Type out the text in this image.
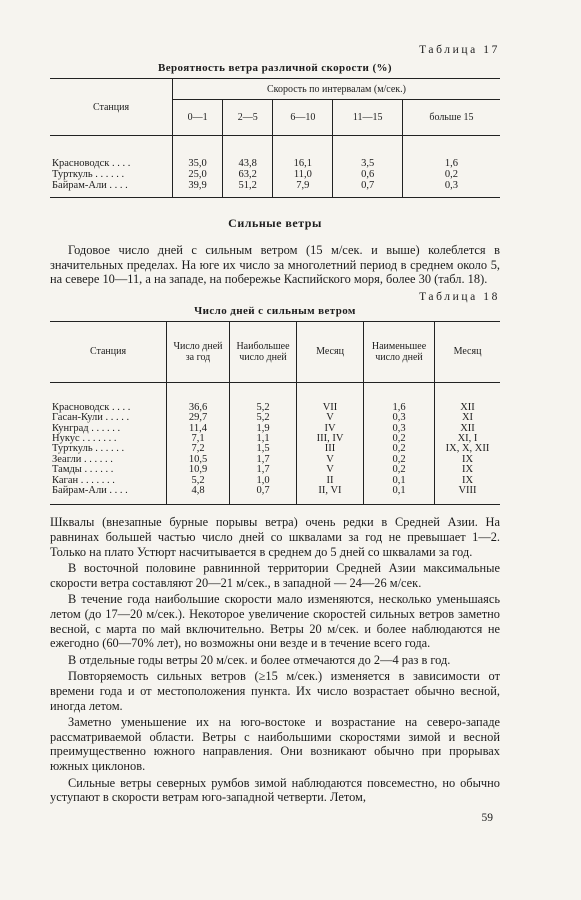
Таблица 17
Вероятность ветра различной скорости (%)
Станция	Скорость по интервалам (м/сек.)				
	0—1	2—5	6—10	11—15	больше 15

Красноводск . . . .	35,0	43,8	16,1	3,5	1,6
Турткуль . . . . . .	25,0	63,2	11,0	0,6	0,2
Байрам-Али . . . .	39,9	51,2	7,9	0,7	0,3
Сильные ветры

Годовое число дней с сильным ветром (15 м/сек. и выше) колеблется в значительных пределах. На юге их число за многолетний период в среднем около 5, на севере 10—11, а на западе, на побережье Каспийского моря, более 30 (табл. 18).

Таблица 18
Число дней с сильным ветром
Станция	Число дней за год	Наибольшее число дней	Месяц	Наименьшее число дней	Месяц

Красноводск . . . .	36,6	5,2	VII	1,6	XII
Гасан-Кули . . . . .	29,7	5,2	V	0,3	XI
Кунград . . . . . .	11,4	1,9	IV	0,3	XII
Нукус . . . . . . .	7,1	1,1	III, IV	0,2	XI, I
Турткуль . . . . . .	7,2	1,5	III	0,2	IX, X, XII
Зеагли . . . . . .	10,5	1,7	V	0,2	IX
Тамды . . . . . .	10,9	1,7	V	0,2	IX
Каган . . . . . . .	5,2	1,0	II	0,1	IX
Байрам-Али . . . .	4,8	0,7	II, VI	0,1	VIII

Шквалы (внезапные бурные порывы ветра) очень редки в Средней Азии. На равнинах большей частью число дней со шквалами за год не превышает 1—2. Только на плато Устюрт насчитывается в среднем до 5 дней со шквалами за год.

В восточной половине равнинной территории Средней Азии максимальные скорости ветра составляют 20—21 м/сек., в западной — 24—26 м/сек.

В течение года наибольшие скорости мало изменяются, несколько уменьшаясь летом (до 17—20 м/сек.). Некоторое увеличение скоростей сильных ветров заметно весной, с марта по май включительно. Ветры 20 м/сек. и более наблюдаются не ежегодно (60—70% лет), но возможны они везде и в течение всего года.

В отдельные годы ветры 20 м/сек. и более отмечаются до 2—4 раз в год.

Повторяемость сильных ветров (≥15 м/сек.) изменяется в зависимости от времени года и от местоположения пункта. Их число возрастает обычно весной, иногда летом.

Заметно уменьшение их на юго-востоке и возрастание на северо-западе рассматриваемой области. Ветры с наибольшими скоростями зимой и весной преимущественно южного направления. Они возникают обычно при прорывах южных циклонов.

Сильные ветры северных румбов зимой наблюдаются повсеместно, но обычно уступают в скорости ветрам юго-западной четверти. Летом,

59
